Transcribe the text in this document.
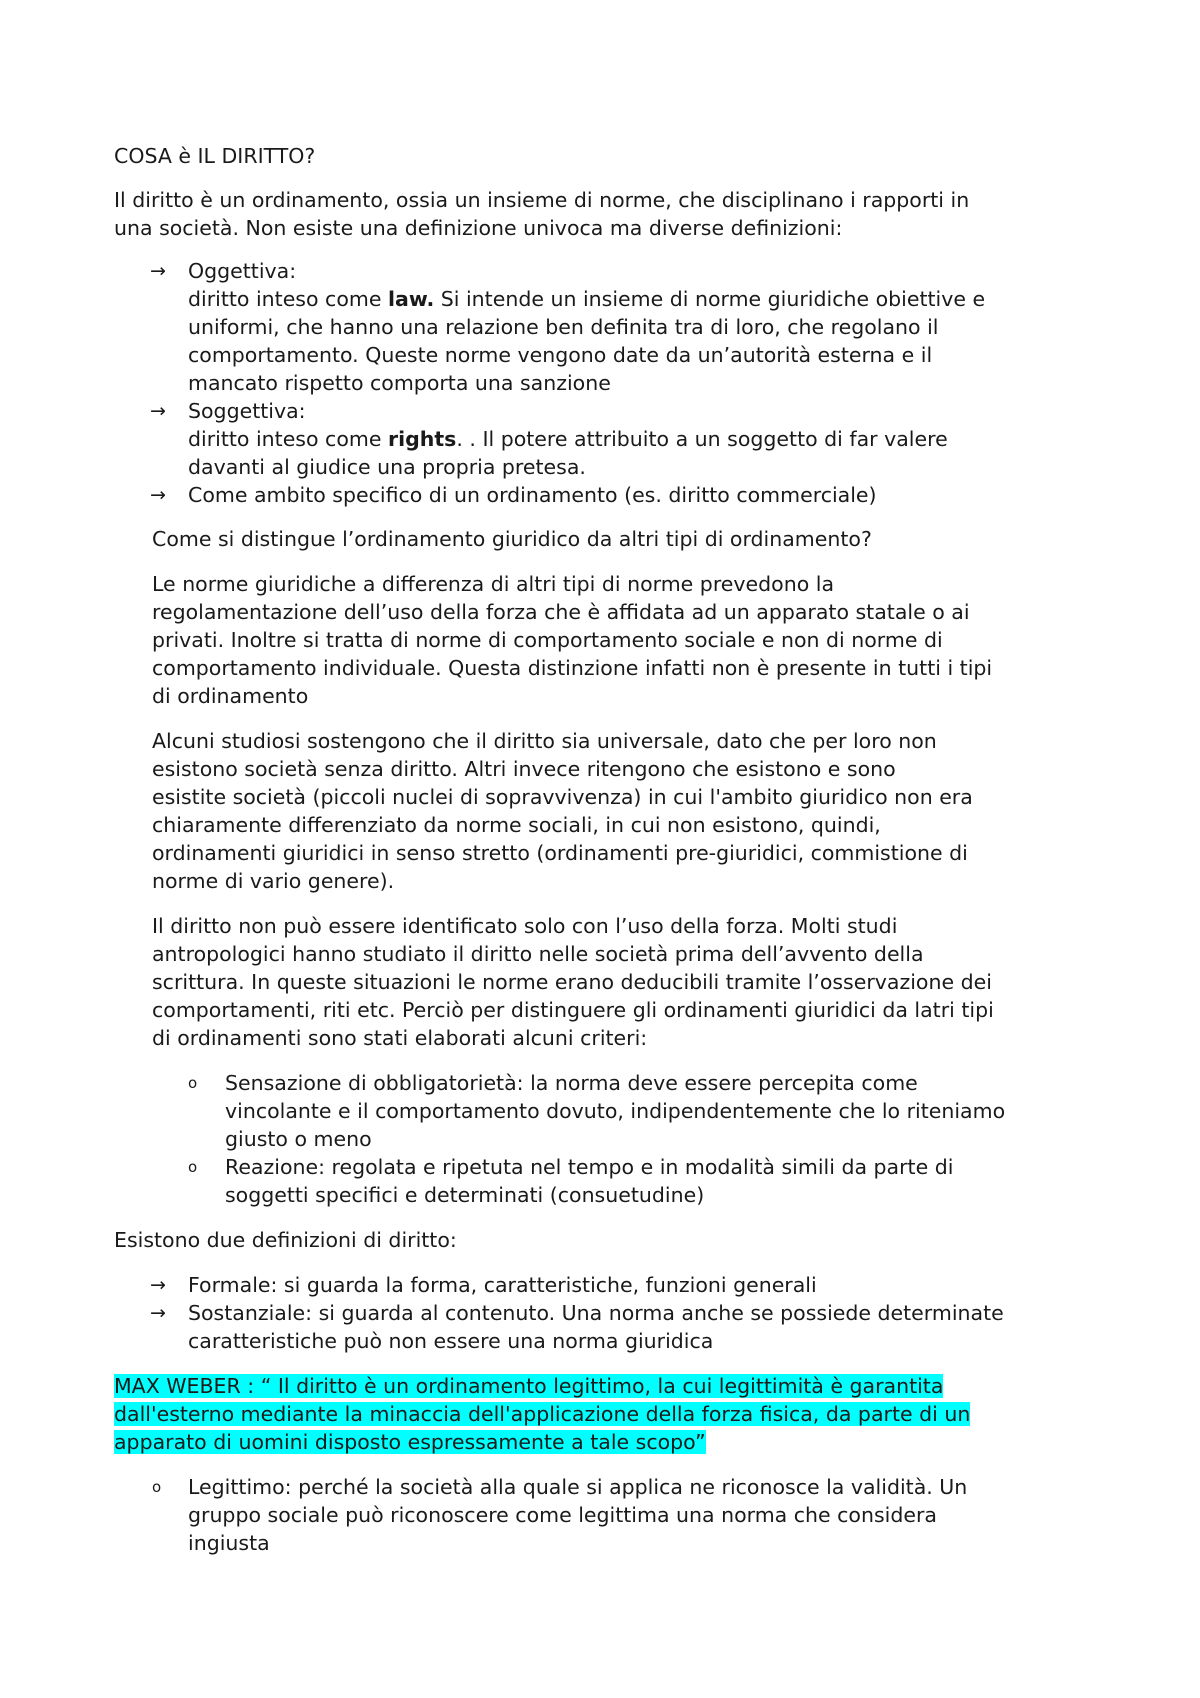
COSA è IL DIRITTO?
Il diritto è un ordinamento, ossia un insieme di norme, che disciplinano i rapporti in
una società. Non esiste una definizione univoca ma diverse definizioni:
→ Oggettiva:
diritto inteso come law. Si intende un insieme di norme giuridiche obiettive e
uniformi, che hanno una relazione ben definita tra di loro, che regolano il
comportamento. Queste norme vengono date da un’autorità esterna e il
mancato rispetto comporta una sanzione
→ Soggettiva:
diritto inteso come rights. . Il potere attribuito a un soggetto di far valere
davanti al giudice una propria pretesa.
→ Come ambito specifico di un ordinamento (es. diritto commerciale)
Come si distingue l’ordinamento giuridico da altri tipi di ordinamento?
Le norme giuridiche a differenza di altri tipi di norme prevedono la
regolamentazione dell’uso della forza che è affidata ad un apparato statale o ai
privati. Inoltre si tratta di norme di comportamento sociale e non di norme di
comportamento individuale. Questa distinzione infatti non è presente in tutti i tipi
di ordinamento
Alcuni studiosi sostengono che il diritto sia universale, dato che per loro non
esistono società senza diritto. Altri invece ritengono che esistono e sono
esistite società (piccoli nuclei di sopravvivenza) in cui l'ambito giuridico non era
chiaramente differenziato da norme sociali, in cui non esistono, quindi,
ordinamenti giuridici in senso stretto (ordinamenti pre-giuridici, commistione di
norme di vario genere).
Il diritto non può essere identificato solo con l’uso della forza. Molti studi
antropologici hanno studiato il diritto nelle società prima dell’avvento della
scrittura. In queste situazioni le norme erano deducibili tramite l’osservazione dei
comportamenti, riti etc. Perciò per distinguere gli ordinamenti giuridici da latri tipi
di ordinamenti sono stati elaborati alcuni criteri:
o Sensazione di obbligatorietà: la norma deve essere percepita come
vincolante e il comportamento dovuto, indipendentemente che lo riteniamo
giusto o meno
o Reazione: regolata e ripetuta nel tempo e in modalità simili da parte di
soggetti specifici e determinati (consuetudine)
Esistono due definizioni di diritto:
→ Formale: si guarda la forma, caratteristiche, funzioni generali
→ Sostanziale: si guarda al contenuto. Una norma anche se possiede determinate
caratteristiche può non essere una norma giuridica
MAX WEBER : “ Il diritto è un ordinamento legittimo, la cui legittimità è garantita
dall'esterno mediante la minaccia dell'applicazione della forza fisica, da parte di un
apparato di uomini disposto espressamente a tale scopo”
o Legittimo: perché la società alla quale si applica ne riconosce la validità. Un
gruppo sociale può riconoscere come legittima una norma che considera
ingiusta
